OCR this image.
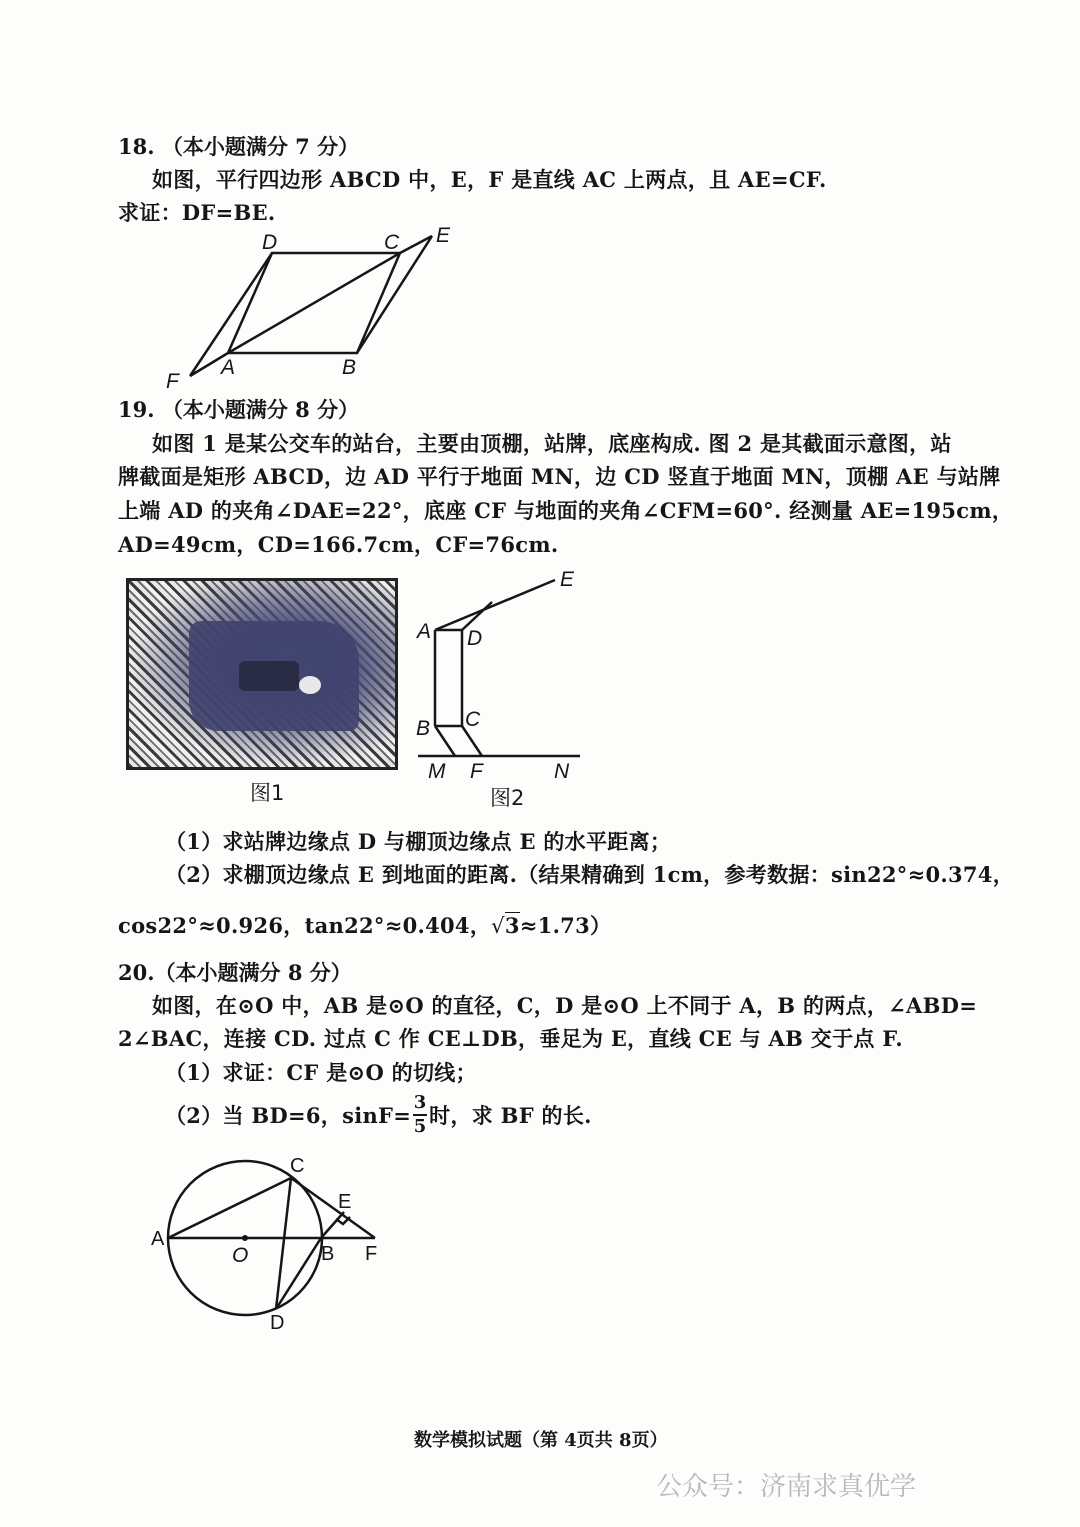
18. （本小题满分 7 分）
如图，平行四边形 ABCD 中，E，F 是直线 AC 上两点，且 AE=CF.
求证：DF=BE.
D	C E
F
A	B
19. （本小题满分 8 分）
如图 1 是某公交车的站台，主要由顶棚，站牌，底座构成. 图 2 是其截面示意图，站
牌截面是矩形 ABCD，边 AD 平行于地面 MN，边 CD 竖直于地面 MN，顶棚 AE 与站牌
上端 AD 的夹角∠DAE=22°，底座 CF 与地面的夹角∠CFM=60°. 经测量 AE=195cm，
AD=49cm，CD=166.7cm，CF=76cm.
图1
E
A D
B C
M F	N
图2
（1）求站牌边缘点 D 与棚顶边缘点 E 的水平距离；
（2）求棚顶边缘点 E 到地面的距离.（结果精确到 1cm，参考数据：sin22°≈0.374，
cos22°≈0.926，tan22°≈0.404，√3≈1.73）
20.（本小题满分 8 分）
如图，在⊙O 中，AB 是⊙O 的直径，C，D 是⊙O 上不同于 A，B 的两点，∠ABD=
2∠BAC，连接 CD. 过点 C 作 CE⊥DB，垂足为 E，直线 CE 与 AB 交于点 F.
（1）求证：CF 是⊙O 的切线；
（2）当 BD=6，$\sin F= \frac{3}{5}$ 时，求 BF 的长.
C
E
A
O	B F
D
数学模拟试题（第 4页共 8页）
公众号：济南求真优学
